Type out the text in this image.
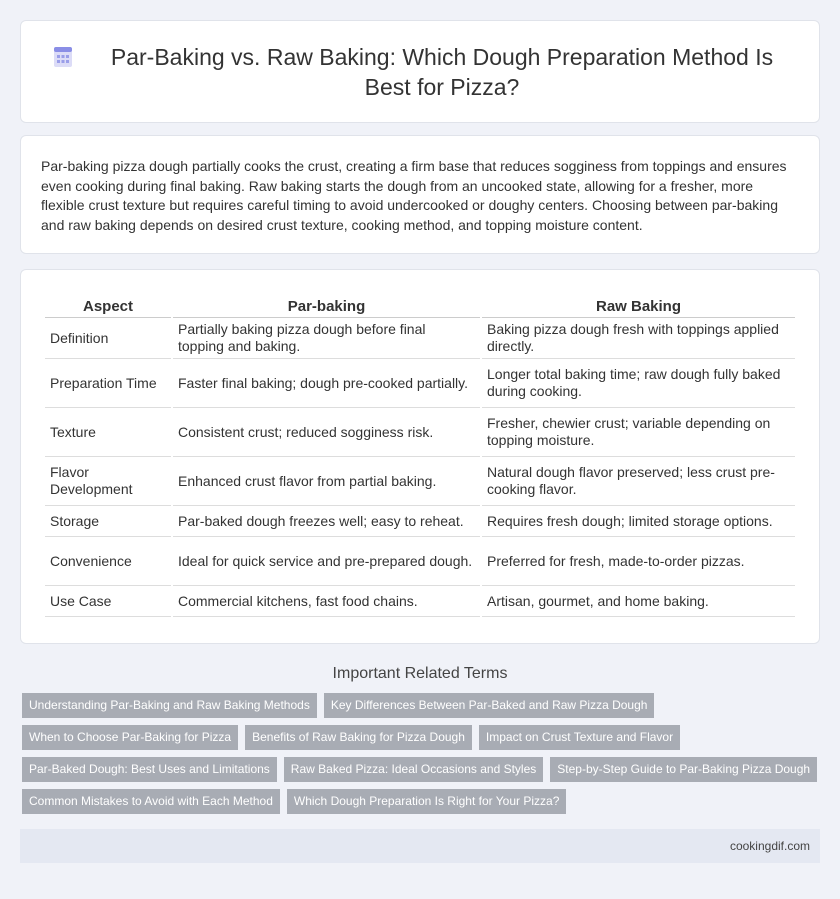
Par-Baking vs. Raw Baking: Which Dough Preparation Method Is Best for Pizza?

Par-baking pizza dough partially cooks the crust, creating a firm base that reduces sogginess from toppings and ensures even cooking during final baking. Raw baking starts the dough from an uncooked state, allowing for a fresher, more flexible crust texture but requires careful timing to avoid undercooked or doughy centers. Choosing between par-baking and raw baking depends on desired crust texture, cooking method, and topping moisture content.

Aspect	Par-baking	Raw Baking
Definition	Partially baking pizza dough before final topping and baking.	Baking pizza dough fresh with toppings applied directly.
Preparation Time	Faster final baking; dough pre-cooked partially.	Longer total baking time; raw dough fully baked during cooking.
Texture	Consistent crust; reduced sogginess risk.	Fresher, chewier crust; variable depending on topping moisture.
Flavor Development	Enhanced crust flavor from partial baking.	Natural dough flavor preserved; less crust pre-cooking flavor.
Storage	Par-baked dough freezes well; easy to reheat.	Requires fresh dough; limited storage options.
Convenience	Ideal for quick service and pre-prepared dough.	Preferred for fresh, made-to-order pizzas.
Use Case	Commercial kitchens, fast food chains.	Artisan, gourmet, and home baking.
Important Related Terms
Understanding Par-Baking and Raw Baking Methods	Key Differences Between Par-Baked and Raw Pizza Dough
When to Choose Par-Baking for Pizza	Benefits of Raw Baking for Pizza Dough	Impact on Crust Texture and Flavor
Par-Baked Dough: Best Uses and Limitations	Raw Baked Pizza: Ideal Occasions and Styles	Step-by-Step Guide to Par-Baking Pizza Dough
Common Mistakes to Avoid with Each Method	Which Dough Preparation Is Right for Your Pizza?
cookingdif.com
